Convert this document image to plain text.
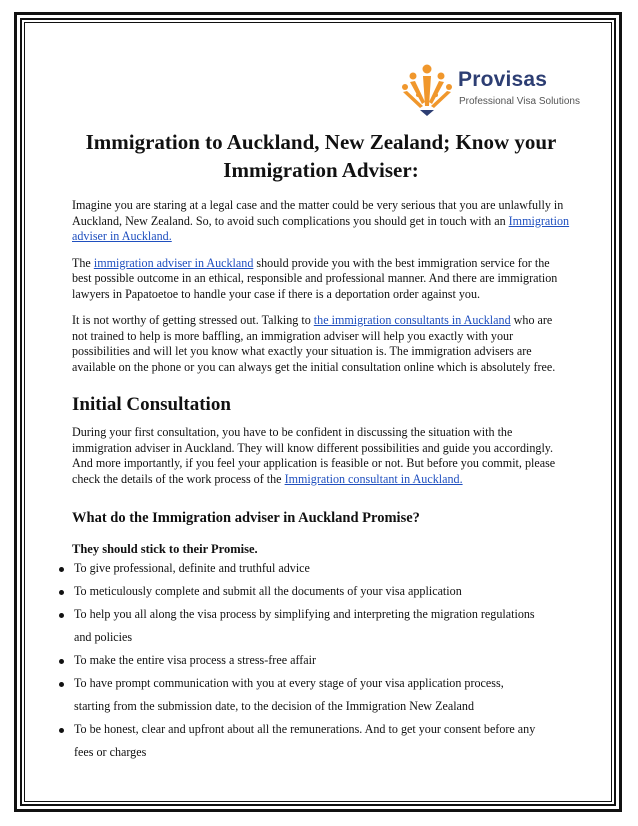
Provisas
Professional Visa Solutions
Immigration to Auckland, New Zealand; Know your Immigration Adviser:

Imagine you are staring at a legal case and the matter could be very serious that you are unlawfully in Auckland, New Zealand. So, to avoid such complications you should get in touch with an Immigration adviser in Auckland.

The immigration adviser in Auckland should provide you with the best immigration service for the best possible outcome in an ethical, responsible and professional manner. And there are immigration lawyers in Papatoetoe to handle your case if there is a deportation order against you.

It is not worthy of getting stressed out. Talking to the immigration consultants in Auckland who are not trained to help is more baffling, an immigration adviser will help you exactly with your possibilities and will let you know what exactly your situation is. The immigration advisers are available on the phone or you can always get the initial consultation online which is absolutely free.

Initial Consultation

During your first consultation, you have to be confident in discussing the situation with the immigration adviser in Auckland. They will know different possibilities and guide you accordingly. And more importantly, if you feel your application is feasible or not. But before you commit, please check the details of the work process of the Immigration consultant in Auckland.

What do the Immigration adviser in Auckland Promise?
They should stick to their Promise.
To give professional, definite and truthful advice
To meticulously complete and submit all the documents of your visa application
To help you all along the visa process by simplifying and interpreting the migration regulations and policies
To make the entire visa process a stress-free affair
To have prompt communication with you at every stage of your visa application process, starting from the submission date, to the decision of the Immigration New Zealand
To be honest, clear and upfront about all the remunerations. And to get your consent before any fees or charges
